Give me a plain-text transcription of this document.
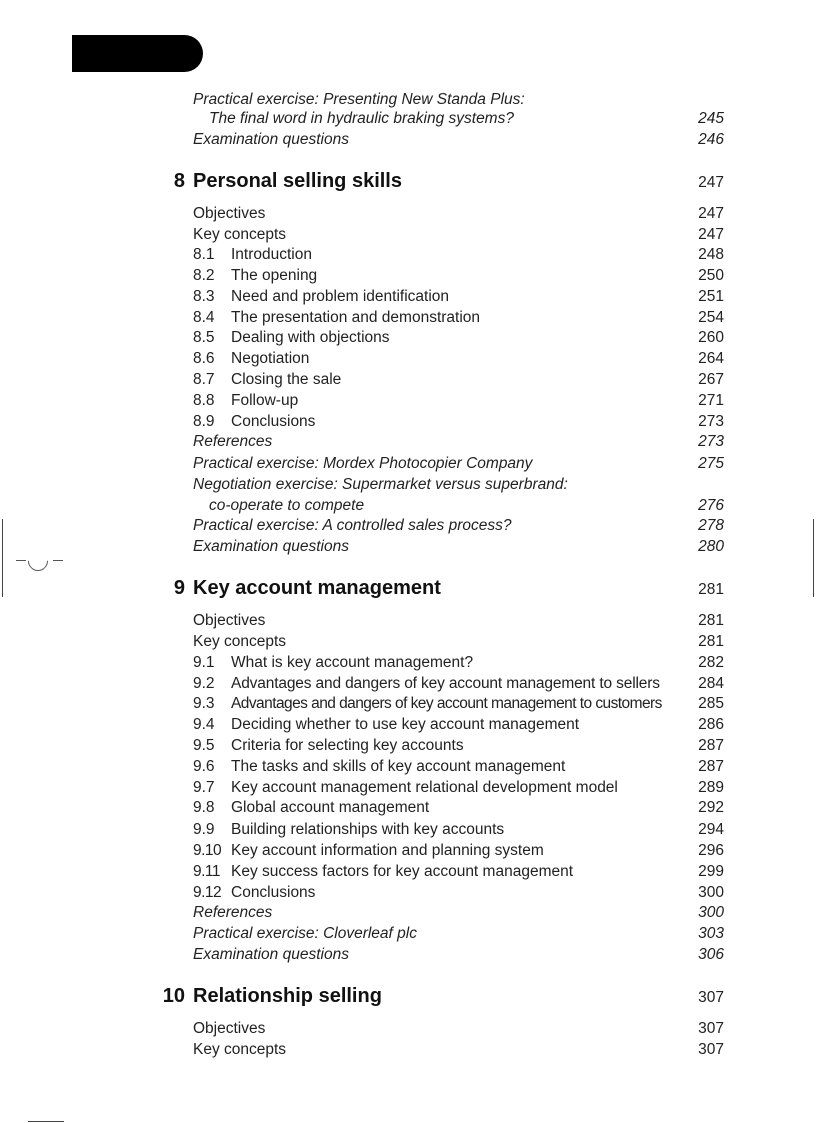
Practical exercise: Presenting New Standa Plus:
The final word in hydraulic braking systems?	245
Examination questions	246
8 Personal selling skills	247
Objectives	247
Key concepts	247
8.1 Introduction	248
8.2 The opening	250
8.3 Need and problem identification	251
8.4 The presentation and demonstration	254
8.5 Dealing with objections	260
8.6 Negotiation	264
8.7 Closing the sale	267
8.8 Follow-up	271
8.9 Conclusions	273
References	273
Practical exercise: Mordex Photocopier Company	275
Negotiation exercise: Supermarket versus superbrand:
co-operate to compete	276
Practical exercise: A controlled sales process?	278
Examination questions	280
9 Key account management	281
Objectives	281
Key concepts	281
9.1 What is key account management?	282
9.2 Advantages and dangers of key account management to sellers 284
9.3 Advantages and dangers of key account management to customers 285
9.4 Deciding whether to use key account management	286
9.5 Criteria for selecting key accounts	287
9.6 The tasks and skills of key account management	287
9.7 Key account management relational development model	289
9.8 Global account management	292
9.9 Building relationships with key accounts	294
9.10 Key account information and planning system	296
9.11 Key success factors for key account management	299
9.12 Conclusions	300
References	300
Practical exercise: Cloverleaf plc	303
Examination questions	306
10 Relationship selling	307
Objectives	307
Key concepts	307
